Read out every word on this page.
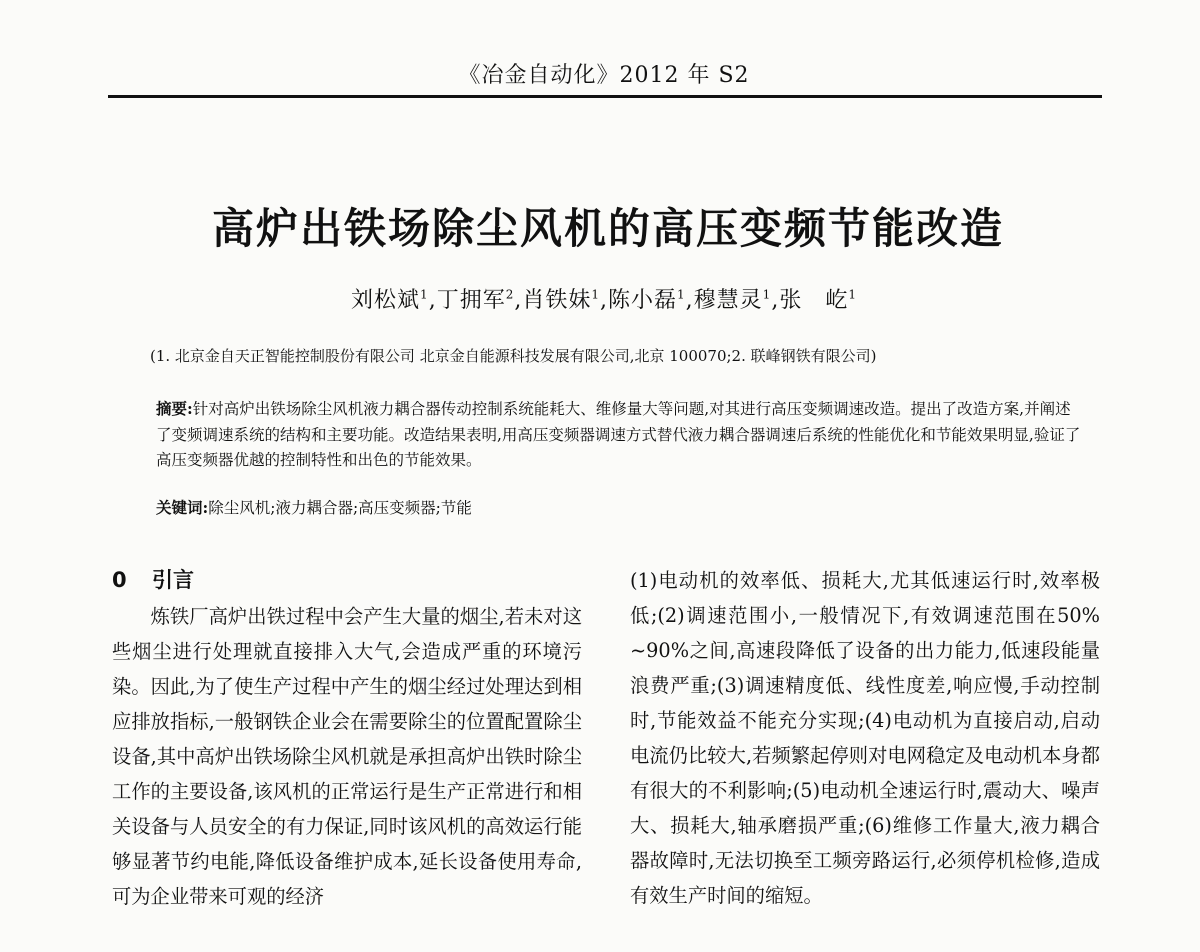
《冶金自动化》2012 年 S2
高炉出铁场除尘风机的高压变频节能改造
刘松斌$^1$,丁拥军$^2$,肖铁妹$^1$,陈小磊$^1$,穆慧灵$^1$,张　屹$^1$
(1. 北京金自天正智能控制股份有限公司 北京金自能源科技发展有限公司,北京 100070;2. 联峰钢铁有限公司)
摘要:针对高炉出铁场除尘风机液力耦合器传动控制系统能耗大、维修量大等问题,对其进行高压变频调速改造。提出了改造方案,并阐述了变频调速系统的结构和主要功能。改造结果表明,用高压变频器调速方式替代液力耦合器调速后系统的性能优化和节能效果明显,验证了高压变频器优越的控制特性和出色的节能效果。
关键词:除尘风机;液力耦合器;高压变频器;节能
0 引言

炼铁厂高炉出铁过程中会产生大量的烟尘,若未对这些烟尘进行处理就直接排入大气,会造成严重的环境污染。因此,为了使生产过程中产生的烟尘经过处理达到相应排放指标,一般钢铁企业会在需要除尘的位置配置除尘设备,其中高炉出铁场除尘风机就是承担高炉出铁时除尘工作的主要设备,该风机的正常运行是生产正常进行和相关设备与人员安全的有力保证,同时该风机的高效运行能够显著节约电能,降低设备维护成本,延长设备使用寿命,可为企业带来可观的经济

(1)电动机的效率低、损耗大,尤其低速运行时,效率极低;(2)调速范围小,一般情况下,有效调速范围在50% ~90%之间,高速段降低了设备的出力能力,低速段能量浪费严重;(3)调速精度低、线性度差,响应慢,手动控制时,节能效益不能充分实现;(4)电动机为直接启动,启动电流仍比较大,若频繁起停则对电网稳定及电动机本身都有很大的不利影响;(5)电动机全速运行时,震动大、噪声大、损耗大,轴承磨损严重;(6)维修工作量大,液力耦合器故障时,无法切换至工频旁路运行,必须停机检修,造成有效生产时间的缩短。
